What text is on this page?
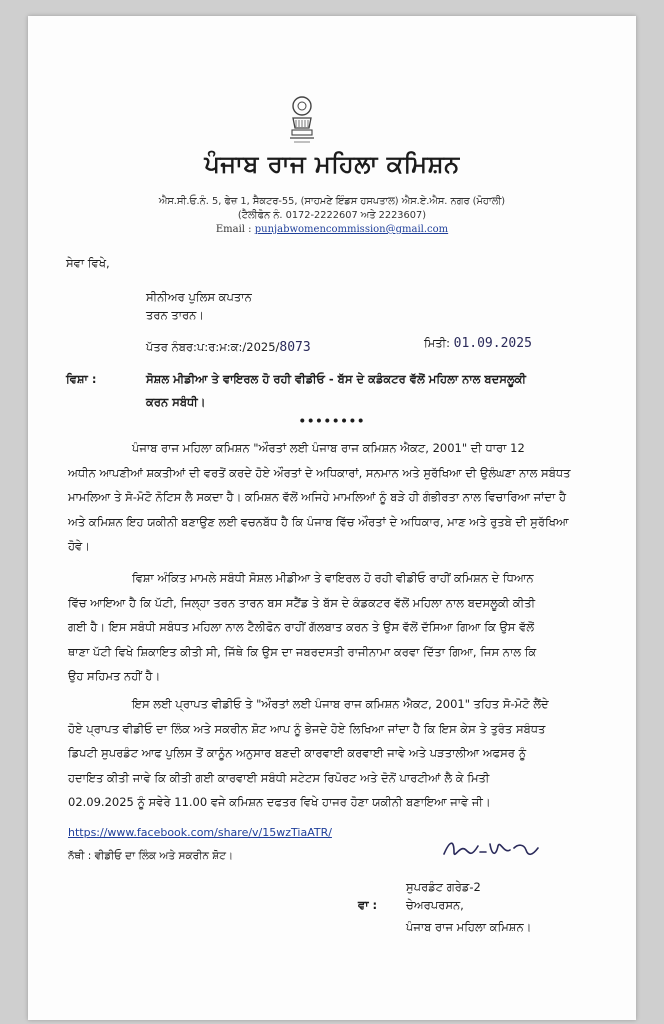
ਪੰਜਾਬ ਰਾਜ ਮਹਿਲਾ ਕਮਿਸ਼ਨ
ਐਸ.ਸੀ.ਓ.ਨੰ. 5, ਫੇਜ਼ 1, ਸੈਕਟਰ-55, (ਸਾਹਮਣੇ ਇੰਡਸ ਹਸਪਤਾਲ) ਐਸ.ਏ.ਐਸ. ਨਗਰ (ਮੋਹਾਲੀ)
(ਟੈਲੀਫੋਨ ਨੰ. 0172-2222607 ਅਤੇ 2223607)
Email : punjabwomencommission@gmail.com
ਸੇਵਾ ਵਿਖੇ,
ਸੀਨੀਅਰ ਪੁਲਿਸ ਕਪਤਾਨ
ਤਰਨ ਤਾਰਨ।
ਪੱਤਰ ਨੰਬਰ:ਪ:ਰ:ਮ:ਕ:/2025/8073	ਮਿਤੀ: 01.09.2025
ਵਿਸ਼ਾ :	ਸੋਸ਼ਲ ਮੀਡੀਆ ਤੇ ਵਾਇਰਲ ਹੋ ਰਹੀ ਵੀਡੀਓ - ਬੱਸ ਦੇ ਕਡੰਕਟਰ ਵੱਲੋਂ ਮਹਿਲਾ ਨਾਲ ਬਦਸਲੂਕੀ
ਕਰਨ ਸਬੰਧੀ।
••••••••
ਪੰਜਾਬ ਰਾਜ ਮਹਿਲਾ ਕਮਿਸ਼ਨ "ਔਰਤਾਂ ਲਈ ਪੰਜਾਬ ਰਾਜ ਕਮਿਸ਼ਨ ਐਕਟ, 2001" ਦੀ ਧਾਰਾ 12
ਅਧੀਨ ਆਪਣੀਆਂ ਸ਼ਕਤੀਆਂ ਦੀ ਵਰਤੋਂ ਕਰਦੇ ਹੋਏ ਔਰਤਾਂ ਦੇ ਅਧਿਕਾਰਾਂ, ਸਨਮਾਨ ਅਤੇ ਸੁਰੱਖਿਆ ਦੀ ਉਲੰਘਣਾ ਨਾਲ ਸਬੰਧਤ
ਮਾਮਲਿਆ ਤੇ ਸੋ-ਮੋਟੋ ਨੋਟਿਸ ਲੈ ਸਕਦਾ ਹੈ। ਕਮਿਸ਼ਨ ਵੱਲੋਂ ਅਜਿਹੇ ਮਾਮਲਿਆਂ ਨੂੰ ਬੜੇ ਹੀ ਗੰਭੀਰਤਾ ਨਾਲ ਵਿਚਾਰਿਆ ਜਾਂਦਾ ਹੈ
ਅਤੇ ਕਮਿਸ਼ਨ ਇਹ ਯਕੀਨੀ ਬਣਾਉਣ ਲਈ ਵਚਨਬੱਧ ਹੈ ਕਿ ਪੰਜਾਬ ਵਿੱਚ ਔਰਤਾਂ ਦੇ ਅਧਿਕਾਰ, ਮਾਣ ਅਤੇ ਰੁਤਬੇ ਦੀ ਸੁਰੱਖਿਆ
ਹੋਵੇ।
ਵਿਸ਼ਾ ਅੰਕਿਤ ਮਾਮਲੇ ਸਬੰਧੀ ਸੋਸ਼ਲ ਮੀਡੀਆ ਤੇ ਵਾਇਰਲ ਹੋ ਰਹੀ ਵੀਡੀਓ ਰਾਹੀਂ ਕਮਿਸ਼ਨ ਦੇ ਧਿਆਨ
ਵਿੱਚ ਆਇਆ ਹੈ ਕਿ ਪੱਟੀ, ਜਿਲ੍ਹਾ ਤਰਨ ਤਾਰਨ ਬਸ ਸਟੈਂਡ ਤੇ ਬੱਸ ਦੇ ਕੰਡਕਟਰ ਵੱਲੋਂ ਮਹਿਲਾ ਨਾਲ ਬਦਸਲੂਕੀ ਕੀਤੀ
ਗਈ ਹੈ। ਇਸ ਸਬੰਧੀ ਸਬੰਧਤ ਮਹਿਲਾ ਨਾਲ ਟੈਲੀਫੋਨ ਰਾਹੀਂ ਗੱਲਬਾਤ ਕਰਨ ਤੇ ਉਸ ਵੱਲੋਂ ਦੱਸਿਆ ਗਿਆ ਕਿ ਉਸ ਵੱਲੋਂ
ਥਾਣਾ ਪੱਟੀ ਵਿਖੇ ਸ਼ਿਕਾਇਤ ਕੀਤੀ ਸੀ, ਜਿੱਥੇ ਕਿ ਉਸ ਦਾ ਜਬਰਦਸਤੀ ਰਾਜੀਨਾਮਾ ਕਰਵਾ ਦਿੱਤਾ ਗਿਆ, ਜਿਸ ਨਾਲ ਕਿ
ਉਹ ਸਹਿਮਤ ਨਹੀਂ ਹੈ।
ਇਸ ਲਈ ਪ੍ਰਾਪਤ ਵੀਡੀਓ ਤੇ "ਔਰਤਾਂ ਲਈ ਪੰਜਾਬ ਰਾਜ ਕਮਿਸ਼ਨ ਐਕਟ, 2001" ਤਹਿਤ ਸੋ-ਮੋਟੋ ਲੈਂਦੇ
ਹੋਏ ਪ੍ਰਾਪਤ ਵੀਡੀਓ ਦਾ ਲਿੰਕ ਅਤੇ ਸਕਰੀਨ ਸ਼ੋਟ ਆਪ ਨੂੰ ਭੇਜਦੇ ਹੋਏ ਲਿਖਿਆ ਜਾਂਦਾ ਹੈ ਕਿ ਇਸ ਕੇਸ ਤੇ ਤੁਰੰਤ ਸਬੰਧਤ
ਡਿਪਟੀ ਸੁਪਰਡੰਟ ਆਫ ਪੁਲਿਸ ਤੋਂ ਕਾਨੂੰਨ ਅਨੁਸਾਰ ਬਣਦੀ ਕਾਰਵਾਈ ਕਰਵਾਈ ਜਾਵੇ ਅਤੇ ਪੜਤਾਲੀਆ ਅਫਸਰ ਨੂੰ
ਹਦਾਇਤ ਕੀਤੀ ਜਾਵੇ ਕਿ ਕੀਤੀ ਗਈ ਕਾਰਵਾਈ ਸਬੰਧੀ ਸਟੇਟਸ ਰਿਪੋਰਟ ਅਤੇ ਦੋਨੋਂ ਪਾਰਟੀਆਂ ਲੈ ਕੇ ਮਿਤੀ
02.09.2025 ਨੂੰ ਸਵੇਰੇ 11.00 ਵਜੇ ਕਮਿਸ਼ਨ ਦਫਤਰ ਵਿਖੇ ਹਾਜਰ ਹੋਣਾ ਯਕੀਨੀ ਬਣਾਇਆ ਜਾਵੇ ਜੀ।
https://www.facebook.com/share/v/15wzTiaATR/
ਨੱਥੀ : ਵੀਡੀਓ ਦਾ ਲਿੰਕ ਅਤੇ ਸਕਰੀਨ ਸ਼ੋਟ।
ਸੁਪਰਡੰਟ ਗਰੇਡ-2
ਵਾ :	ਚੇਅਰਪਰਸਨ,
ਪੰਜਾਬ ਰਾਜ ਮਹਿਲਾ ਕਮਿਸ਼ਨ।
